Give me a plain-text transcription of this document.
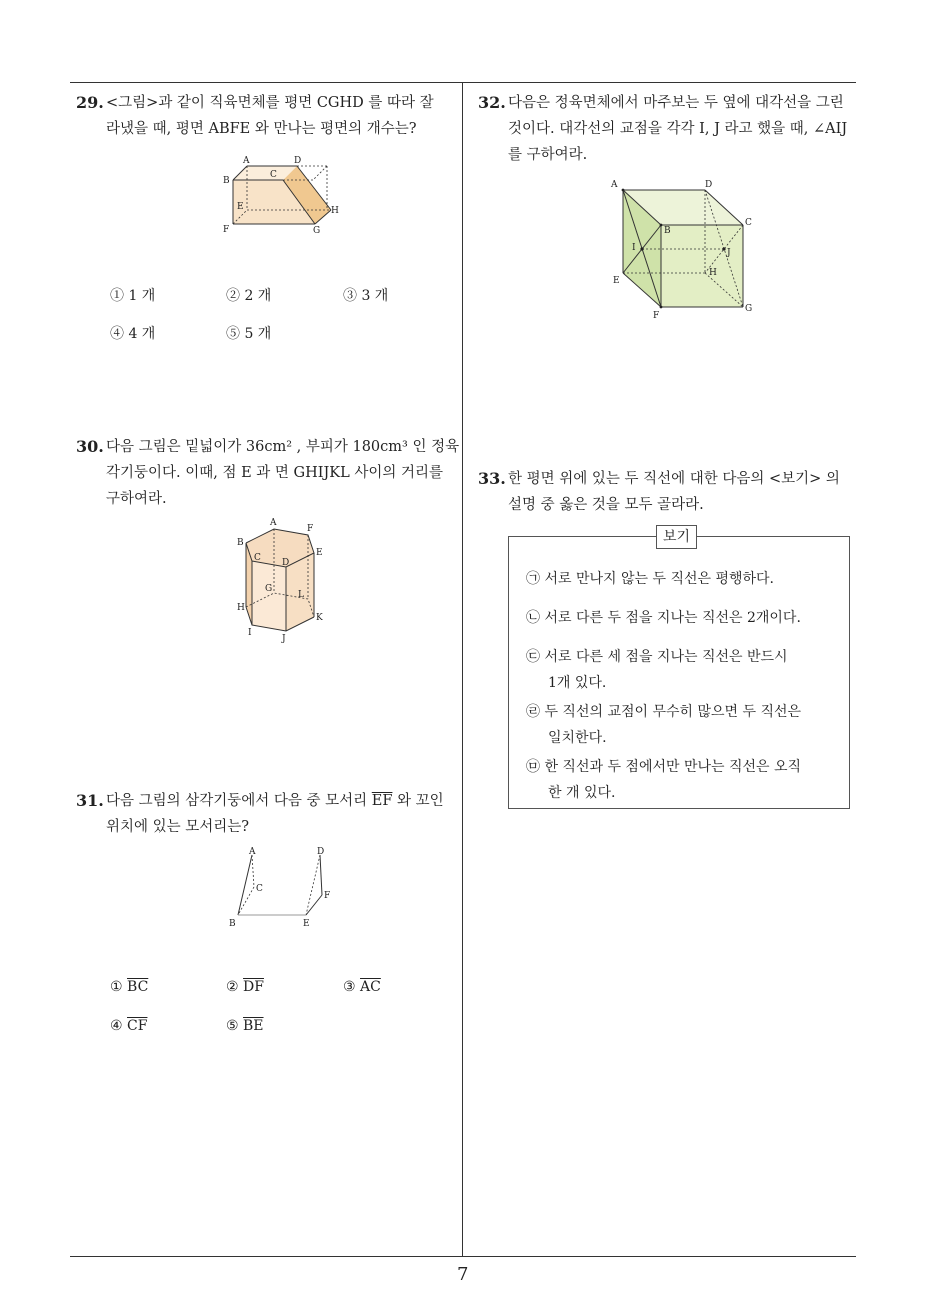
7
29. <그림>과 같이 직육면체를 평면 CGHD 를 따라 잘
라냈을 때, 평면 ABFE 와 만나는 평면의 개수는?
A	D
B
C
E	H
F	G
① 1 개	② 2 개	③ 3 개
④ 4 개	⑤ 5 개
30. 다음 그림은 밑넓이가 36cm² , 부피가 180cm³ 인 정육
각기둥이다. 이때, 점 E 과 면 GHIJKL 사이의 거리를
구하여라.
A
F
B
E
C D
G
L
H
K
I
J
31. 다음 그림의 삼각기둥에서 다음 중 모서리 $\overline{EF}$ 와 꼬인
위치에 있는 모서리는?
A	D
C
F
B	E
① $\overline{BC}$	② $\overline{DF}$	③ $\overline{AC}$
④ $\overline{CF}$	⑤ $\overline{BE}$
32. 다음은 정육면체에서 마주보는 두 옆에 대각선을 그린
것이다. 대각선의 교점을 각각 I, J 라고 했을 때, ∠AIJ
를 구하여라.
A	D
C
B
I	J
H
E
G
F
33. 한 평면 위에 있는 두 직선에 대한 다음의 <보기> 의
설명 중 옳은 것을 모두 골라라.
보기
㉠ 서로 만나지 않는 두 직선은 평행하다.
㉡ 서로 다른 두 점을 지나는 직선은 2개이다.
㉢ 서로 다른 세 점을 지나는 직선은 반드시
1개 있다.
㉣ 두 직선의 교점이 무수히 많으면 두 직선은
일치한다.
㉤ 한 직선과 두 점에서만 만나는 직선은 오직
한 개 있다.
